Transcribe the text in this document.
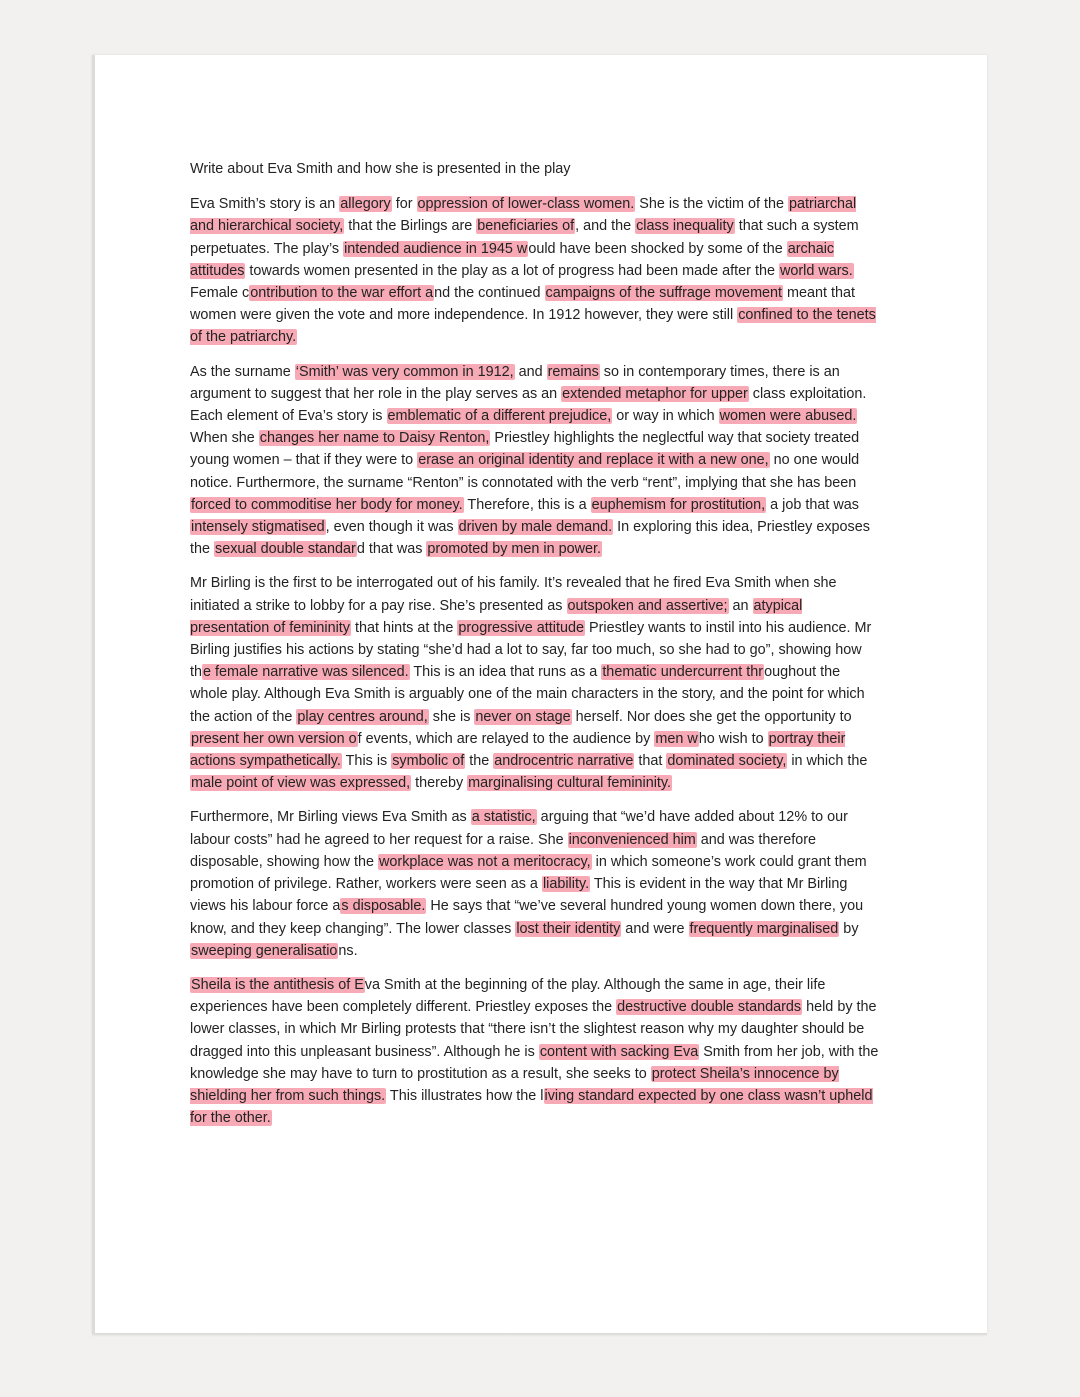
Write about Eva Smith and how she is presented in the play

Eva Smith’s story is an allegory for oppression of lower-class women. She is the victim of the patriarchal and hierarchical society, that the Birlings are beneficiaries of, and the class inequality that such a system perpetuates. The play’s intended audience in 1945 would have been shocked by some of the archaic attitudes towards women presented in the play as a lot of progress had been made after the world wars. Female contribution to the war effort and the continued campaigns of the suffrage movement meant that women were given the vote and more independence. In 1912 however, they were still confined to the tenets of the patriarchy.

As the surname ‘Smith’ was very common in 1912, and remains so in contemporary times, there is an argument to suggest that her role in the play serves as an extended metaphor for upper class exploitation. Each element of Eva’s story is emblematic of a different prejudice, or way in which women were abused. When she changes her name to Daisy Renton, Priestley highlights the neglectful way that society treated young women – that if they were to erase an original identity and replace it with a new one, no one would notice. Furthermore, the surname “Renton” is connotated with the verb “rent”, implying that she has been forced to commoditise her body for money. Therefore, this is a euphemism for prostitution, a job that was intensely stigmatised, even though it was driven by male demand. In exploring this idea, Priestley exposes the sexual double standard that was promoted by men in power.

Mr Birling is the first to be interrogated out of his family. It’s revealed that he fired Eva Smith when she initiated a strike to lobby for a pay rise. She’s presented as outspoken and assertive; an atypical presentation of femininity that hints at the progressive attitude Priestley wants to instil into his audience. Mr Birling justifies his actions by stating “she’d had a lot to say, far too much, so she had to go”, showing how the female narrative was silenced. This is an idea that runs as a thematic undercurrent throughout the whole play. Although Eva Smith is arguably one of the main characters in the story, and the point for which the action of the play centres around, she is never on stage herself. Nor does she get the opportunity to present her own version of events, which are relayed to the audience by men who wish to portray their actions sympathetically. This is symbolic of the androcentric narrative that dominated society, in which the male point of view was expressed, thereby marginalising cultural femininity.

Furthermore, Mr Birling views Eva Smith as a statistic, arguing that “we’d have added about 12% to our labour costs” had he agreed to her request for a raise. She inconvenienced him and was therefore disposable, showing how the workplace was not a meritocracy, in which someone’s work could grant them promotion of privilege. Rather, workers were seen as a liability. This is evident in the way that Mr Birling views his labour force as disposable. He says that “we’ve several hundred young women down there, you know, and they keep changing”. The lower classes lost their identity and were frequently marginalised by sweeping generalisations.

Sheila is the antithesis of Eva Smith at the beginning of the play. Although the same in age, their life experiences have been completely different. Priestley exposes the destructive double standards held by the lower classes, in which Mr Birling protests that “there isn’t the slightest reason why my daughter should be dragged into this unpleasant business”. Although he is content with sacking Eva Smith from her job, with the knowledge she may have to turn to prostitution as a result, she seeks to protect Sheila’s innocence by shielding her from such things. This illustrates how the living standard expected by one class wasn’t upheld for the other.
